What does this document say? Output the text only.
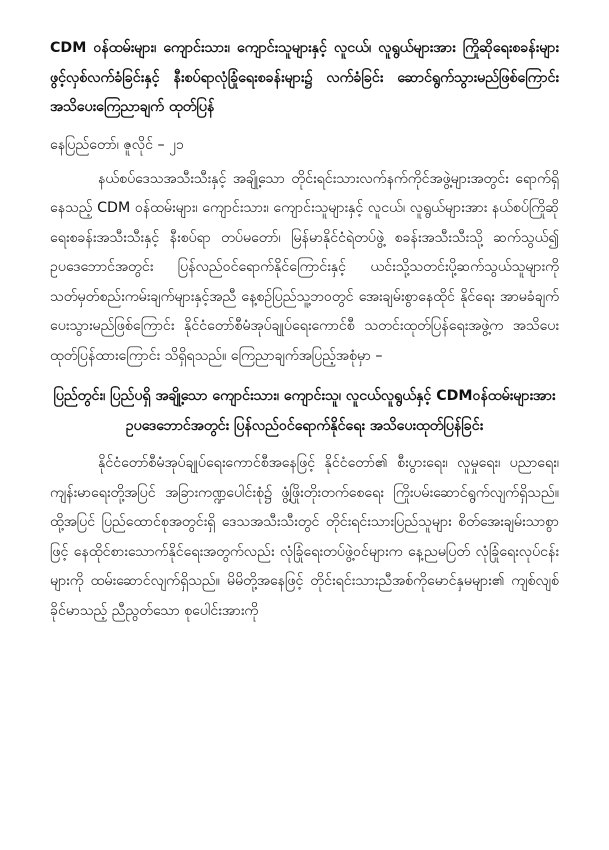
CDM ဝန်ထမ်းများ၊ ကျောင်းသား၊ ကျောင်းသူများနှင့် လူငယ်၊ လူရွယ်များအား ကြိုဆိုရေးစခန်းများ ဖွင့်လှစ်လက်ခံခြင်းနှင့် နီးစပ်ရာလုံခြုံရေးစခန်းများ၌ လက်ခံခြင်း ဆောင်ရွက်သွားမည်ဖြစ်ကြောင်း အသိပေးကြေညာချက် ထုတ်ပြန်

နေပြည်တော်၊ ဇူလိုင် – ၂၁

နယ်စပ်ဒေသအသီးသီးနှင့် အချို့သော တိုင်းရင်းသားလက်နက်ကိုင်အဖွဲ့များအတွင်း ရောက်ရှိနေသည့် CDM ဝန်ထမ်းများ၊ ကျောင်းသား၊ ကျောင်းသူများနှင့် လူငယ်၊ လူရွယ်များအား နယ်စပ်ကြိုဆိုရေးစခန်းအသီးသီးနှင့် နီးစပ်ရာ တပ်မတော်၊ မြန်မာနိုင်ငံရဲတပ်ဖွဲ့ စခန်းအသီးသီးသို့ ဆက်သွယ်၍ ဥပဒေဘောင်အတွင်း ပြန်လည်ဝင်ရောက်နိုင်ကြောင်းနှင့် ယင်းသို့သတင်းပို့ဆက်သွယ်သူများကို သတ်မှတ်စည်းကမ်းချက်များနှင့်အညီ နေ့စဉ်ပြည်သူ့ဘဝတွင် အေးချမ်းစွာနေထိုင် နိုင်ရေး အာမခံချက်ပေးသွားမည်ဖြစ်ကြောင်း နိုင်ငံတော်စီမံအုပ်ချုပ်ရေးကောင်စီ သတင်းထုတ်ပြန်ရေးအဖွဲ့က အသိပေးထုတ်ပြန်ထားကြောင်း သိရှိရသည်။ ကြေညာချက်အပြည့်အစုံမှာ –

ပြည်တွင်း၊ ပြည်ပရှိ အချို့သော ကျောင်းသား၊ ကျောင်းသူ၊ လူငယ်လူရွယ်နှင့် CDMဝန်ထမ်းများအား ဥပဒေဘောင်အတွင်း ပြန်လည်ဝင်ရောက်နိုင်ရေး အသိပေးထုတ်ပြန်ခြင်း

နိုင်ငံတော်စီမံအုပ်ချုပ်ရေးကောင်စီအနေဖြင့် နိုင်ငံတော်၏ စီးပွားရေး၊ လူမှုရေး၊ ပညာရေး၊ ကျန်းမာရေးတို့အပြင် အခြားကဏ္ဍပေါင်းစုံ၌ ဖွံ့ဖြိုးတိုးတက်စေရေး ကြိုးပမ်းဆောင်ရွက်လျက်ရှိသည်။ ထို့အပြင် ပြည်ထောင်စုအတွင်းရှိ ဒေသအသီးသီးတွင် တိုင်းရင်းသားပြည်သူများ စိတ်အေးချမ်းသာစွာဖြင့် နေထိုင်စားသောက်နိုင်ရေးအတွက်လည်း လုံခြုံရေးတပ်ဖွဲ့ဝင်များက နေ့ညမပြတ် လုံခြုံရေးလုပ်ငန်းများကို ထမ်းဆောင်လျက်ရှိသည်။ မိမိတို့အနေဖြင့် တိုင်းရင်းသားညီအစ်ကိုမောင်နှမများ၏ ကျစ်လျစ်ခိုင်မာသည့် ညီညွတ်သော စုပေါင်းအားကို
